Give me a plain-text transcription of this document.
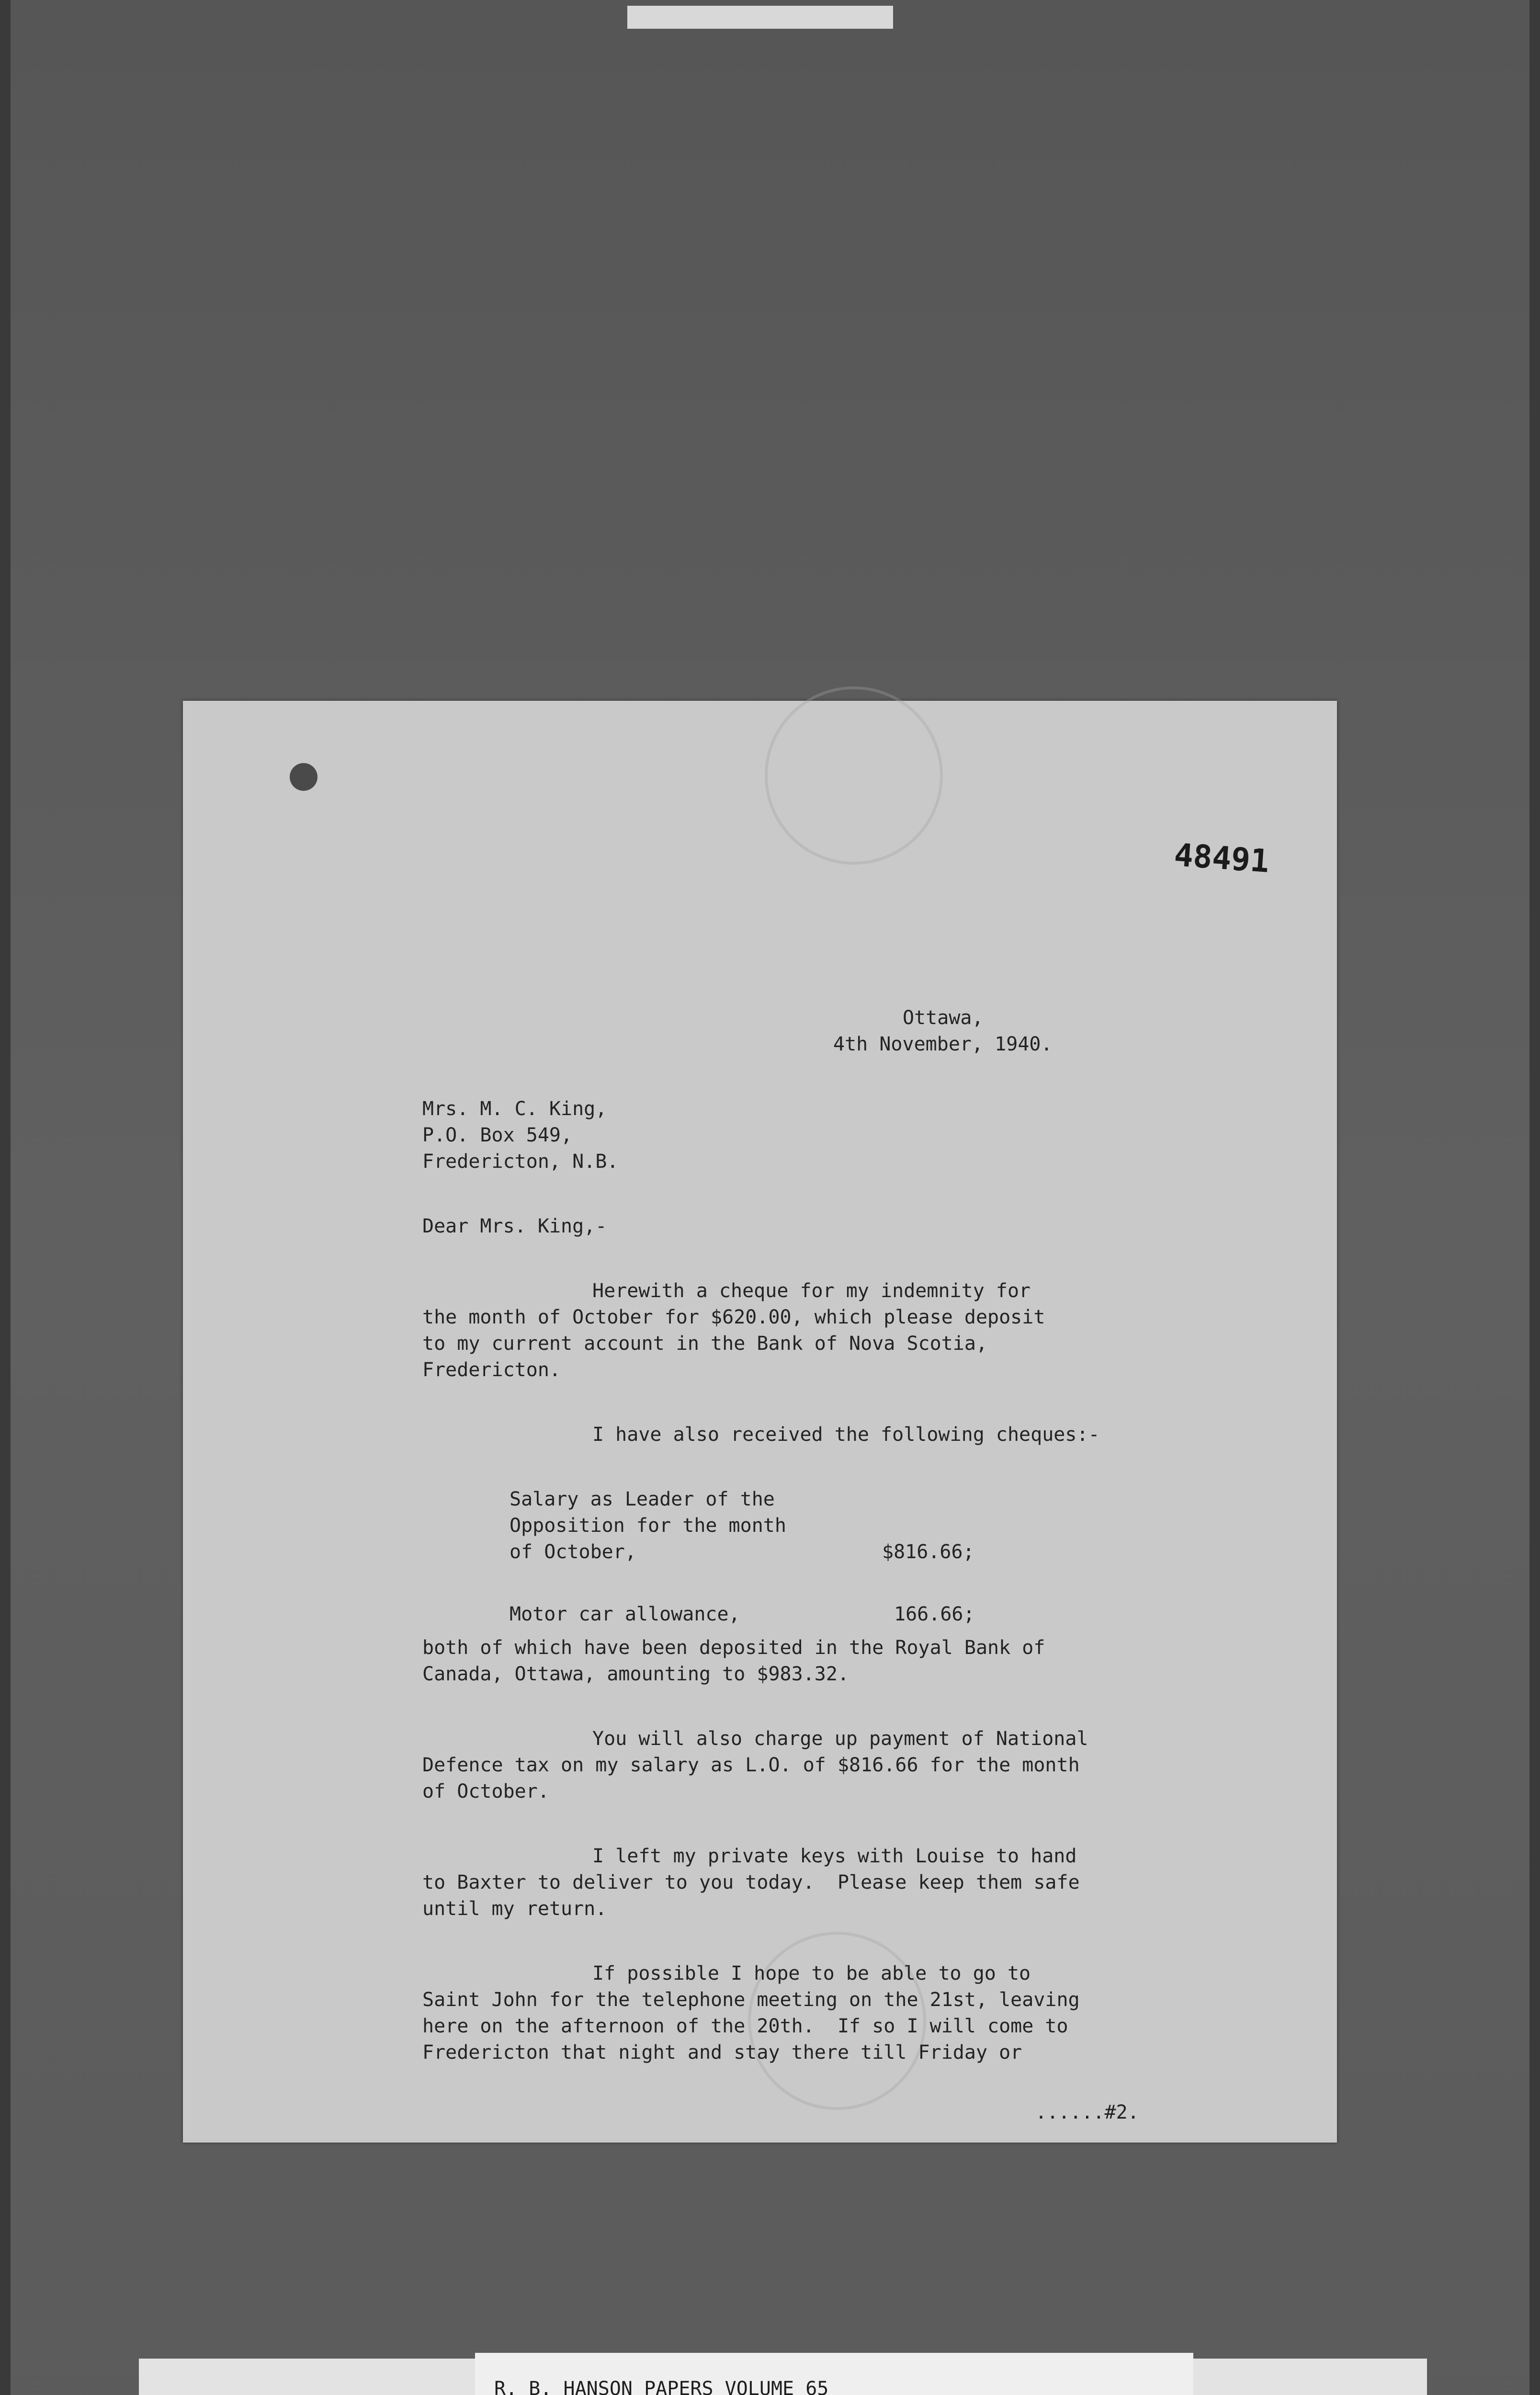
48491

Ottawa,

4th November, 1940.

Mrs. M. C. King,

P.O. Box 549,

Fredericton, N.B.

Dear Mrs. King,-

Herewith a cheque for my indemnity for

the month of October for $620.00, which please deposit

to my current account in the Bank of Nova Scotia,

Fredericton.

I have also received the following cheques:-

Salary as Leader of the

Opposition for the month

of October,

	$816.66;

Motor car allowance,

	166.66;

both of which have been deposited in the Royal Bank of

Canada, Ottawa, amounting to $983.32.

You will also charge up payment of National

Defence tax on my salary as L.O. of $816.66 for the month

of October.

I left my private keys with Louise to hand

to Baxter to deliver to you today.  Please keep them safe

until my return.

If possible I hope to be able to go to

Saint John for the telephone meeting on the 21st, leaving

here on the afternoon of the 20th.  If so I will come to

Fredericton that night and stay there till Friday or

......#2.

R. B. HANSON PAPERS VOLUME 65
